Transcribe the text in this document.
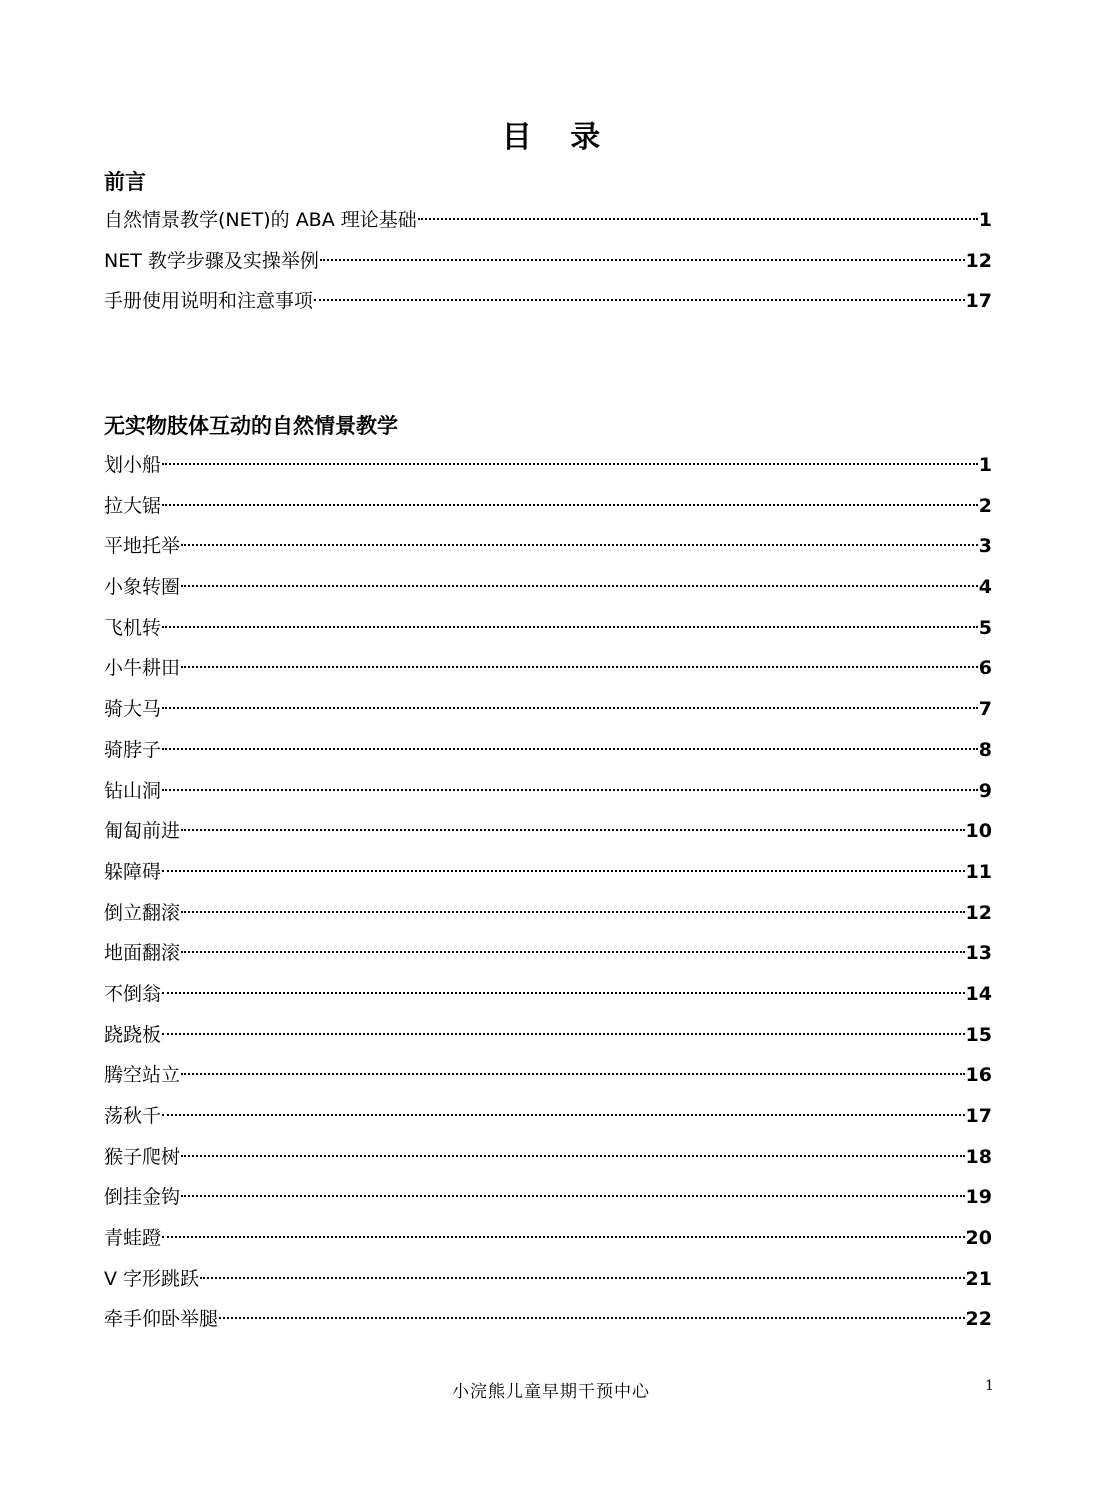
目 录
前言
自然情景教学(NET)的 ABA 理论基础	1
NET 教学步骤及实操举例	12
手册使用说明和注意事项	17
无实物肢体互动的自然情景教学
划小船	1
拉大锯	2
平地托举	3
小象转圈	4
飞机转	5
小牛耕田	6
骑大马	7
骑脖子	8
钻山洞	9
匍匐前进	10
躲障碍	11
倒立翻滚	12
地面翻滚	13
不倒翁	14
跷跷板	15
腾空站立	16
荡秋千	17
猴子爬树	18
倒挂金钩	19
青蛙蹬	20
V 字形跳跃	21
牵手仰卧举腿	22
小浣熊儿童早期干预中心	1
